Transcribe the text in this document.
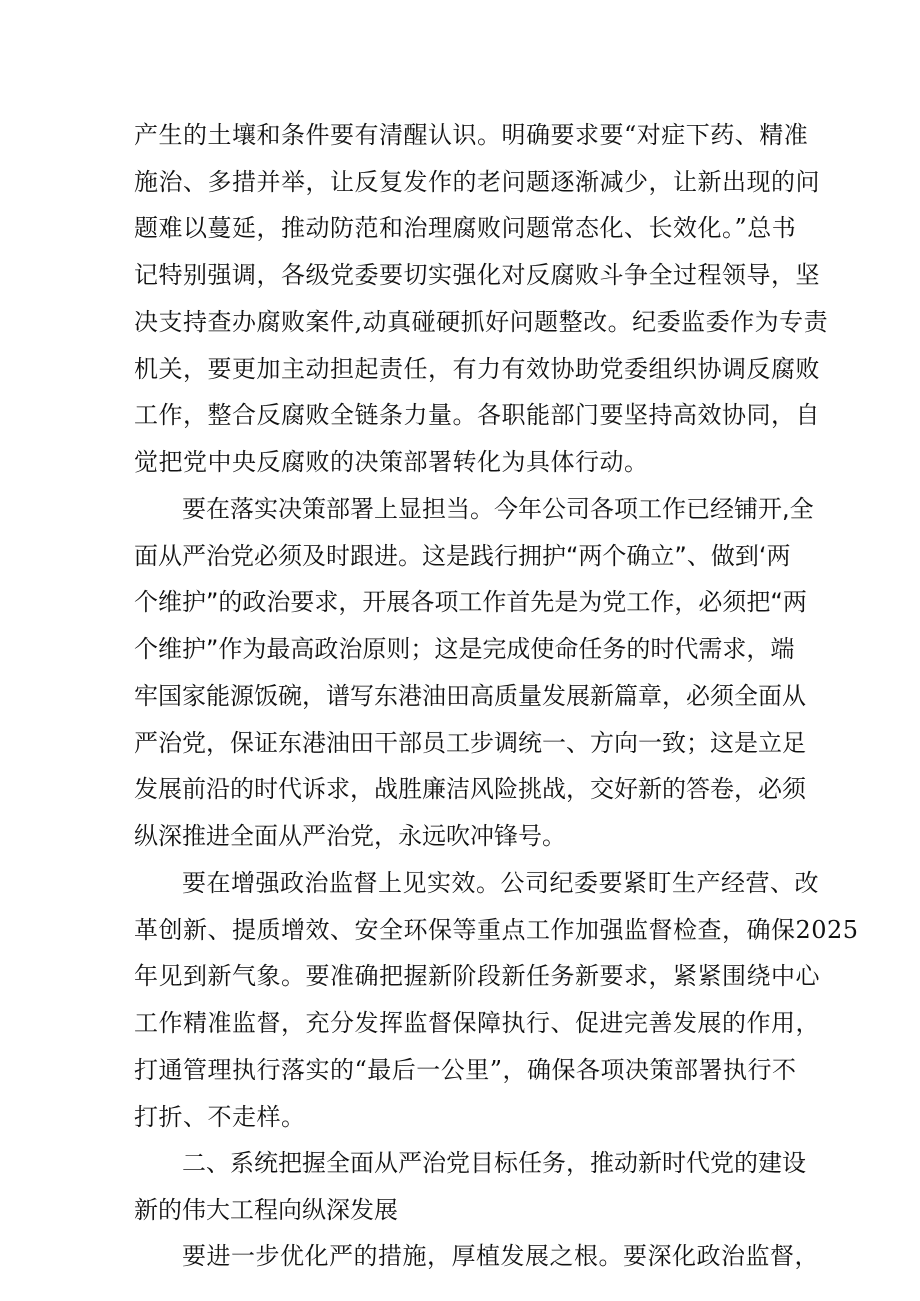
产生的土壤和条件要有清醒认识。明确要求要“对症下药、精准
施治、多措并举，让反复发作的老问题逐渐减少，让新出现的问
题难以蔓延，推动防范和治理腐败问题常态化、长效化。”总书
记特别强调，各级党委要切实强化对反腐败斗争全过程领导，坚
决支持查办腐败案件,动真碰硬抓好问题整改。纪委监委作为专责
机关，要更加主动担起责任，有力有效协助党委组织协调反腐败
工作，整合反腐败全链条力量。各职能部门要坚持高效协同，自
觉把党中央反腐败的决策部署转化为具体行动。
要在落实决策部署上显担当。今年公司各项工作已经铺开,全
面从严治党必须及时跟进。这是践行拥护“两个确立”、做到‘两
个维护”的政治要求，开展各项工作首先是为党工作，必须把“两
个维护”作为最高政治原则；这是完成使命任务的时代需求，端
牢国家能源饭碗，谱写东港油田高质量发展新篇章，必须全面从
严治党，保证东港油田干部员工步调统一、方向一致；这是立足
发展前沿的时代诉求，战胜廉洁风险挑战，交好新的答卷，必须
纵深推进全面从严治党，永远吹冲锋号。
要在增强政治监督上见实效。公司纪委要紧盯生产经营、改
革创新、提质增效、安全环保等重点工作加强监督检查，确保2025
年见到新气象。要准确把握新阶段新任务新要求，紧紧围绕中心
工作精准监督，充分发挥监督保障执行、促进完善发展的作用，
打通管理执行落实的“最后一公里”，确保各项决策部署执行不
打折、不走样。
二、系统把握全面从严治党目标任务，推动新时代党的建设
新的伟大工程向纵深发展
要进一步优化严的措施，厚植发展之根。要深化政治监督，
